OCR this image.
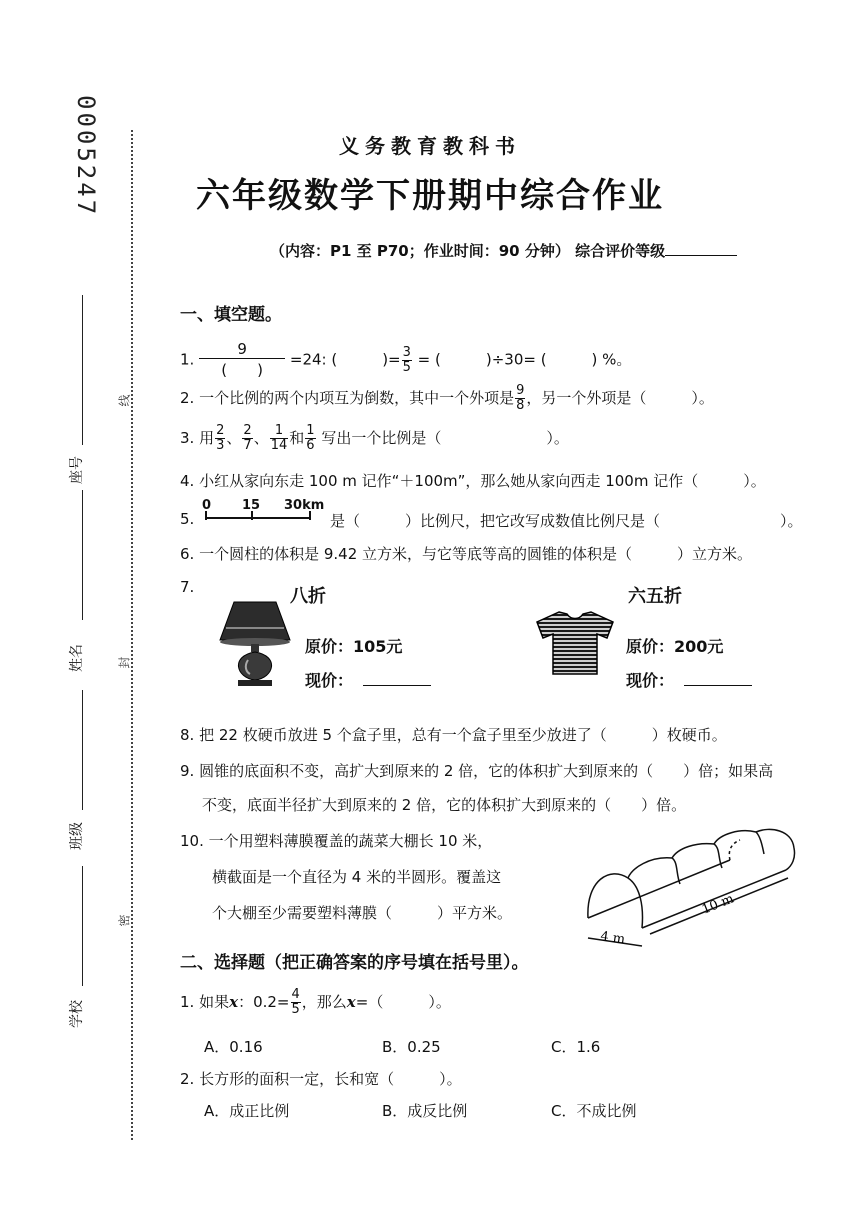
0005247
线
封
密
座号
姓名
班级
学校
义务教育教科书
六年级数学下册期中综合作业
（内容：P1 至 P70；作业时间：90 分钟） 综合评价等级
一、填空题。
1.
9
(　　)
=24: (　　　)= $\frac{3}{5}$ = (　　　)÷30= (　　　) %。
2. 一个比例的两个内项互为倒数，其中一个外项是 $\frac{9}{8}$ ，另一个外项是（　　　）。
3. 用 $\frac{2}{3}$ 、 $\frac{2}{7}$ 、 $\frac{1}{14}$ 和 $\frac{1}{6}$ 写出一个比例是（　　　　　　　）。
4. 小红从家向东走 100 m 记作“＋100m”，那么她从家向西走 100m 记作（　　　）。
5.
0 15 30km
是（　　　）比例尺，把它改写成数值比例尺是（　　　　　　　　）。
6. 一个圆柱的体积是 9.42 立方米，与它等底等高的圆锥的体积是（　　　）立方米。
7.	八折
原价：105元
现价：
六五折
原价：200元
现价：
8. 把 22 枚硬币放进 5 个盒子里，总有一个盒子里至少放进了（　　　）枚硬币。
9. 圆锥的底面积不变，高扩大到原来的 2 倍，它的体积扩大到原来的（　　）倍；如果高
不变，底面半径扩大到原来的 2 倍，它的体积扩大到原来的（　　）倍。
10. 一个用塑料薄膜覆盖的蔬菜大棚长 10 米，
横截面是一个直径为 4 米的半圆形。覆盖这
个大棚至少需要塑料薄膜（　　　）平方米。	10 m
4 m
二、选择题（把正确答案的序号填在括号里）。
1. 如果x：$0.2= \frac{4}{5}$ ，那么x=（　　　）。
A．0.16	B．0.25	C．1.6
2. 长方形的面积一定，长和宽（　　　）。
A．成正比例	B．成反比例	C．不成比例
